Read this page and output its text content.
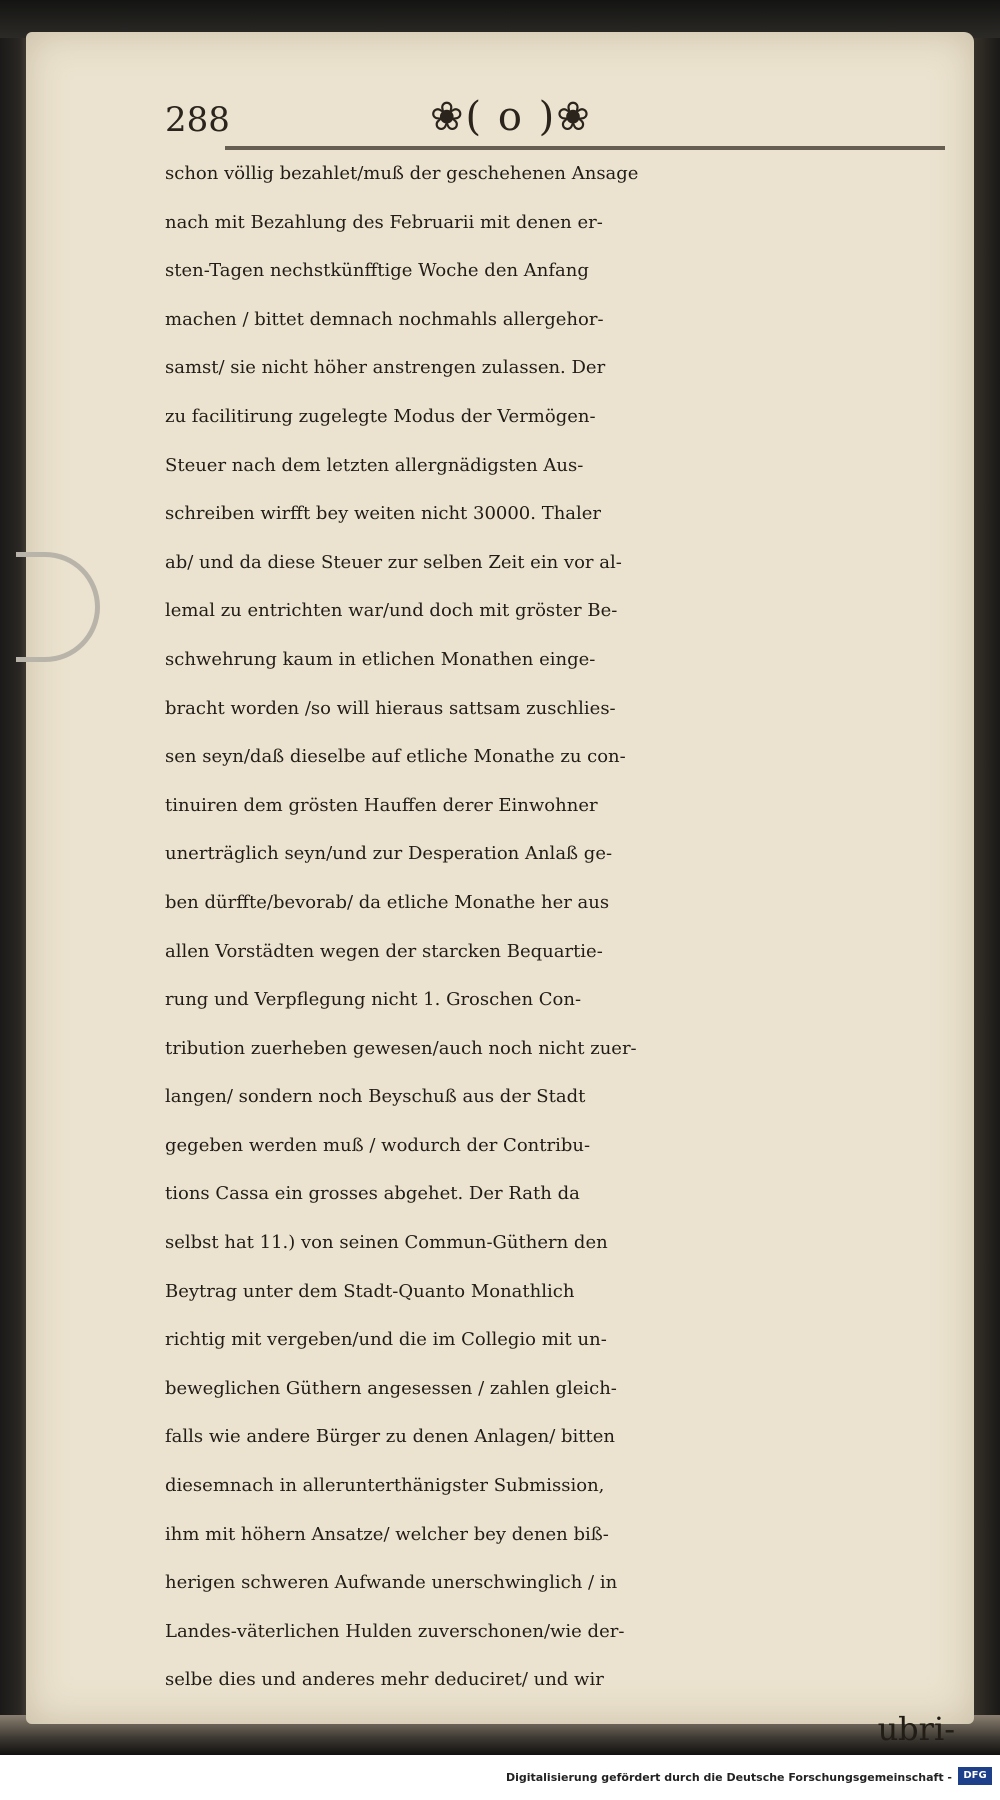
288	❀( o )❀
schon völlig bezahlet/muß der geschehenen Ansage
nach mit Bezahlung des Februarii mit denen er-
sten-Tagen nechstkünfftige Woche den Anfang
machen / bittet demnach nochmahls allergehor-
samst/ sie nicht höher anstrengen zulassen. Der
zu facilitirung zugelegte Modus der Vermögen-
Steuer nach dem letzten allergnädigsten Aus-
schreiben wirfft bey weiten nicht 30000. Thaler
ab/ und da diese Steuer zur selben Zeit ein vor al-
lemal zu entrichten war/und doch mit gröster Be-
schwehrung kaum in etlichen Monathen einge-
bracht worden /so will hieraus sattsam zuschlies-
sen seyn/daß dieselbe auf etliche Monathe zu con-
tinuiren dem grösten Hauffen derer Einwohner
unerträglich seyn/und zur Desperation Anlaß ge-
ben dürffte/bevorab/ da etliche Monathe her aus
allen Vorstädten wegen der starcken Bequartie-
rung und Verpflegung nicht 1. Groschen Con-
tribution zuerheben gewesen/auch noch nicht zuer-
langen/ sondern noch Beyschuß aus der Stadt
gegeben werden muß / wodurch der Contribu-
tions Cassa ein grosses abgehet. Der Rath da
selbst hat 11.) von seinen Commun-Güthern den
Beytrag unter dem Stadt-Quanto Monathlich
richtig mit vergeben/und die im Collegio mit un-
beweglichen Güthern angesessen / zahlen gleich-
falls wie andere Bürger zu denen Anlagen/ bitten
diesemnach in allerunterthänigster Submission,
ihm mit höhern Ansatze/ welcher bey denen biß-
herigen schweren Aufwande unerschwinglich / in
Landes-väterlichen Hulden zuverschonen/wie der-
selbe dies und anderes mehr deduciret/ und wir
ubri-
Digitalisierung gefördert durch die Deutsche Forschungsgemeinschaft -	DFG
